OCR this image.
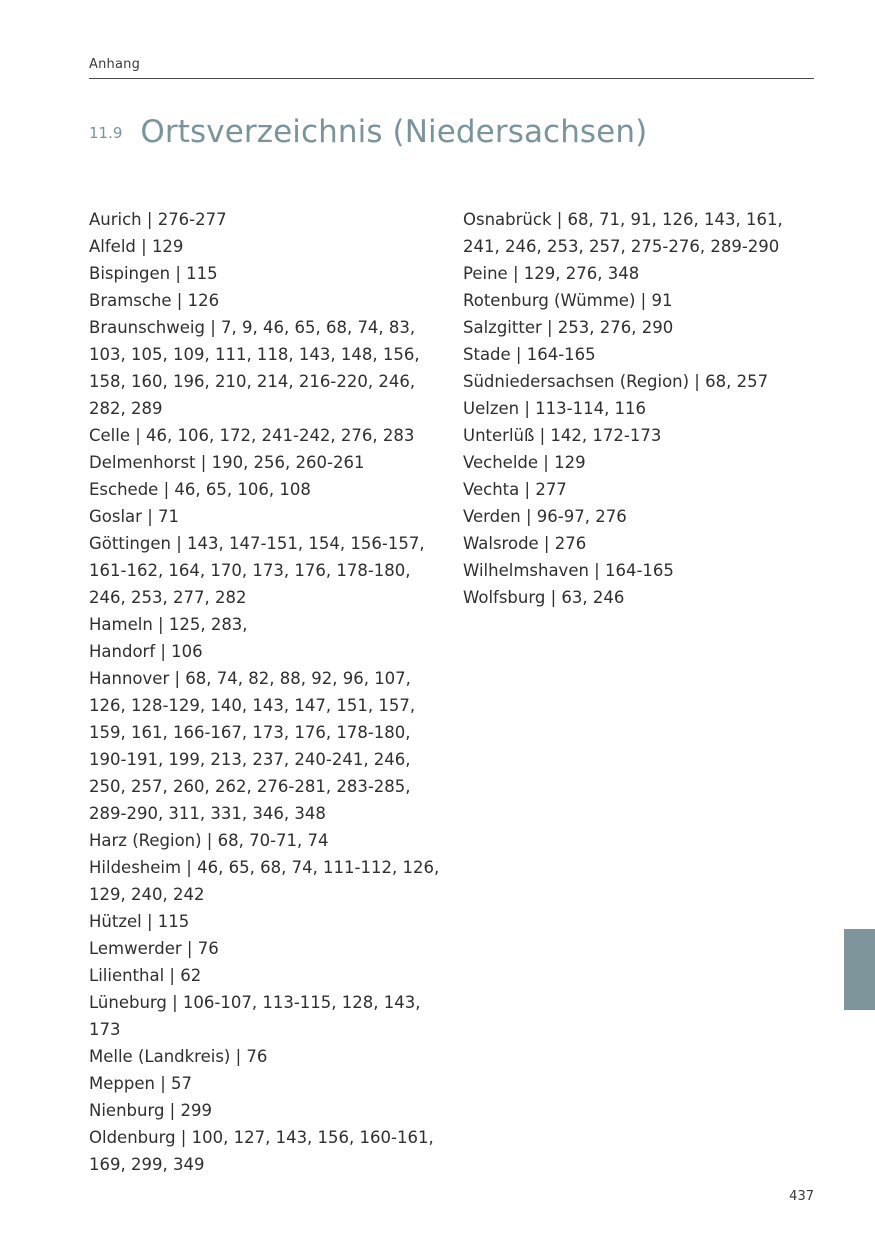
Anhang
11.9 Ortsverzeichnis (Niedersachsen)
Aurich | 276-277
Alfeld | 129
Bispingen | 115
Bramsche | 126
Braunschweig | 7, 9, 46, 65, 68, 74, 83, 103, 105, 109, 111, 118, 143, 148, 156, 158, 160, 196, 210, 214, 216-220, 246, 282, 289
Celle | 46, 106, 172, 241-242, 276, 283
Delmenhorst | 190, 256, 260-261
Eschede | 46, 65, 106, 108
Goslar | 71
Göttingen | 143, 147-151, 154, 156-157, 161-162, 164, 170, 173, 176, 178-180, 246, 253, 277, 282
Hameln | 125, 283,
Handorf | 106
Hannover | 68, 74, 82, 88, 92, 96, 107, 126, 128-129, 140, 143, 147, 151, 157, 159, 161, 166-167, 173, 176, 178-180, 190-191, 199, 213, 237, 240-241, 246, 250, 257, 260, 262, 276-281, 283-285, 289-290, 311, 331, 346, 348
Harz (Region) | 68, 70-71, 74
Hildesheim | 46, 65, 68, 74, 111-112, 126, 129, 240, 242
Hützel | 115
Lemwerder | 76
Lilienthal | 62
Lüneburg | 106-107, 113-115, 128, 143, 173
Melle (Landkreis) | 76
Meppen | 57
Nienburg | 299
Oldenburg | 100, 127, 143, 156, 160-161, 169, 299, 349
Osnabrück | 68, 71, 91, 126, 143, 161, 241, 246, 253, 257, 275-276, 289-290
Peine | 129, 276, 348
Rotenburg (Wümme) | 91
Salzgitter | 253, 276, 290
Stade | 164-165
Südniedersachsen (Region) | 68, 257
Uelzen | 113-114, 116
Unterlüß | 142, 172-173
Vechelde | 129
Vechta | 277
Verden | 96-97, 276
Walsrode | 276
Wilhelmshaven | 164-165
Wolfsburg | 63, 246
437
